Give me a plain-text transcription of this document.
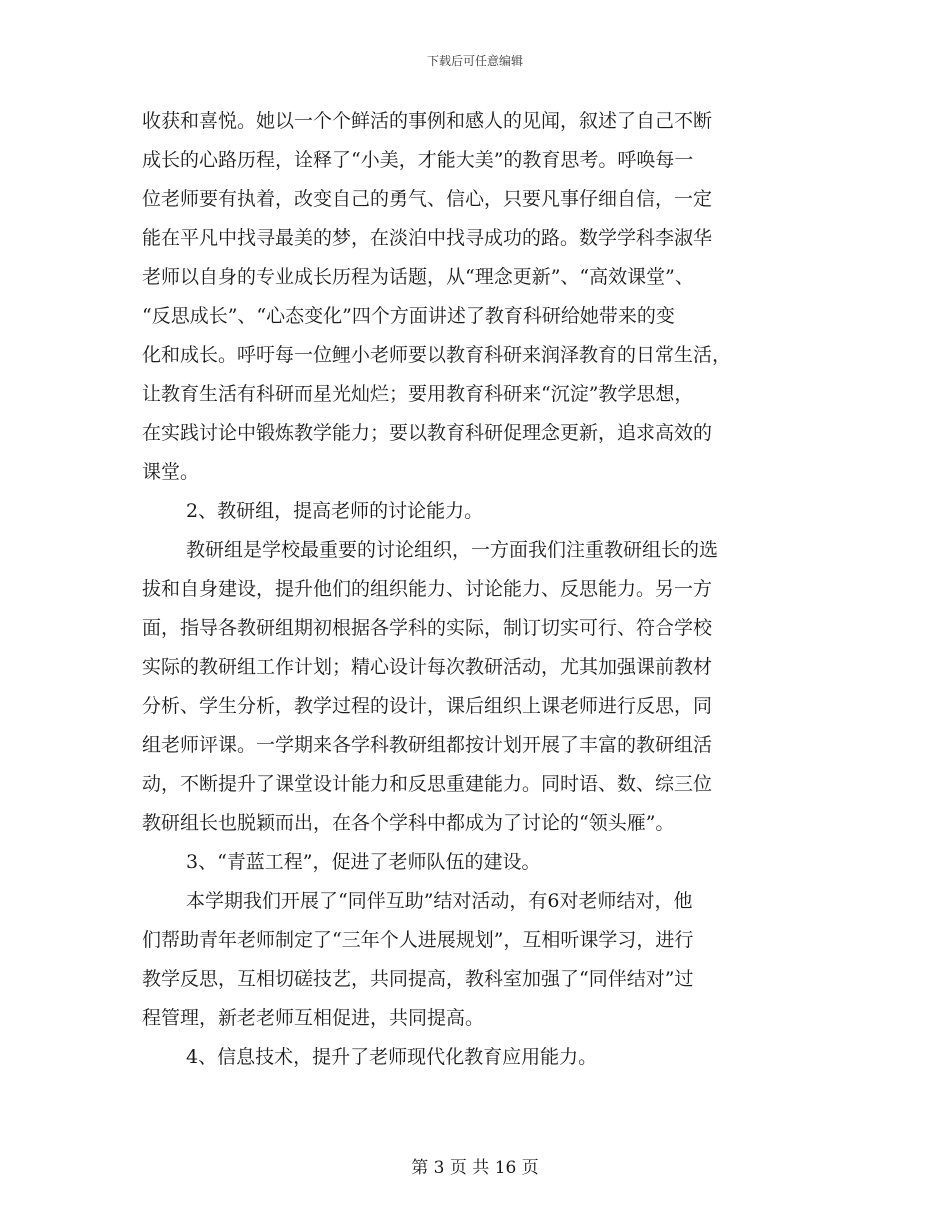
下载后可任意编辑
收获和喜悦。她以一个个鲜活的事例和感人的见闻，叙述了自己不断
成长的心路历程，诠释了“小美，才能大美”的教育思考。呼唤每一
位老师要有执着，改变自己的勇气、信心，只要凡事仔细自信，一定
能在平凡中找寻最美的梦，在淡泊中找寻成功的路。数学学科李淑华
老师以自身的专业成长历程为话题，从“理念更新”、“高效课堂”、
“反思成长”、“心态变化”四个方面讲述了教育科研给她带来的变
化和成长。呼吁每一位鲤小老师要以教育科研来润泽教育的日常生活，
让教育生活有科研而星光灿烂；要用教育科研来“沉淀”教学思想，
在实践讨论中锻炼教学能力；要以教育科研促理念更新，追求高效的
课堂。
2、教研组，提高老师的讨论能力。
教研组是学校最重要的讨论组织，一方面我们注重教研组长的选
拔和自身建设，提升他们的组织能力、讨论能力、反思能力。另一方
面，指导各教研组期初根据各学科的实际，制订切实可行、符合学校
实际的教研组工作计划；精心设计每次教研活动，尤其加强课前教材
分析、学生分析，教学过程的设计，课后组织上课老师进行反思，同
组老师评课。一学期来各学科教研组都按计划开展了丰富的教研组活
动，不断提升了课堂设计能力和反思重建能力。同时语、数、综三位
教研组长也脱颖而出，在各个学科中都成为了讨论的“领头雁”。
3、“青蓝工程”，促进了老师队伍的建设。
本学期我们开展了“同伴互助”结对活动，有6对老师结对，他
们帮助青年老师制定了“三年个人进展规划”，互相听课学习，进行
教学反思，互相切磋技艺，共同提高，教科室加强了“同伴结对”过
程管理，新老老师互相促进，共同提高。
4、信息技术，提升了老师现代化教育应用能力。
第 3 页 共 16 页
